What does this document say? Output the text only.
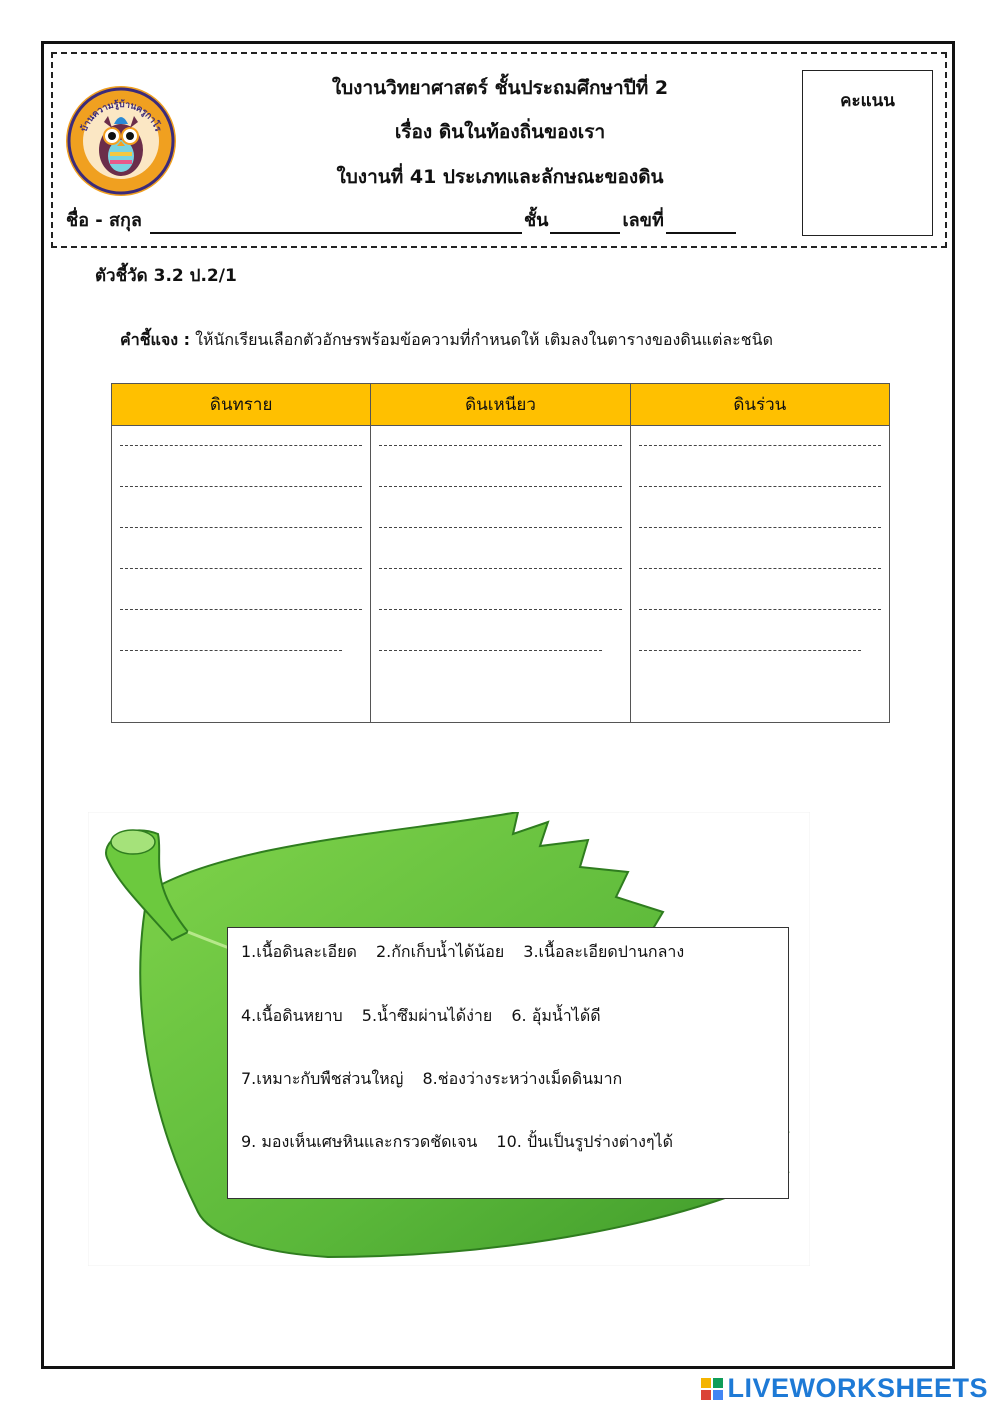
บ้านความรู้บ้านครูกาโร
ใบงานวิทยาศาสตร์ ชั้นประถมศึกษาปีที่ 2
เรื่อง ดินในท้องถิ่นของเรา
ใบงานที่ 41 ประเภทและลักษณะของดิน
คะแนน
ชื่อ - สกุล	ชั้น	เลขที่
ตัวชี้วัด 3.2 ป.2/1
คำชี้แจง : ให้นักเรียนเลือกตัวอักษรพร้อมข้อความที่กำหนดให้ เติมลงในตารางของดินแต่ละชนิด
ดินทราย	ดินเหนียว	ดินร่วน

1.เนื้อดินละเอียด 2.กักเก็บน้ำได้น้อย 3.เนื้อละเอียดปานกลาง
4.เนื้อดินหยาบ 5.น้ำซึมผ่านได้ง่าย 6. อุ้มน้ำได้ดี
7.เหมาะกับพืชส่วนใหญ่ 8.ช่องว่างระหว่างเม็ดดินมาก
9. มองเห็นเศษหินและกรวดชัดเจน 10. ปั้นเป็นรูปร่างต่างๆได้
LIVEWORKSHEETS
